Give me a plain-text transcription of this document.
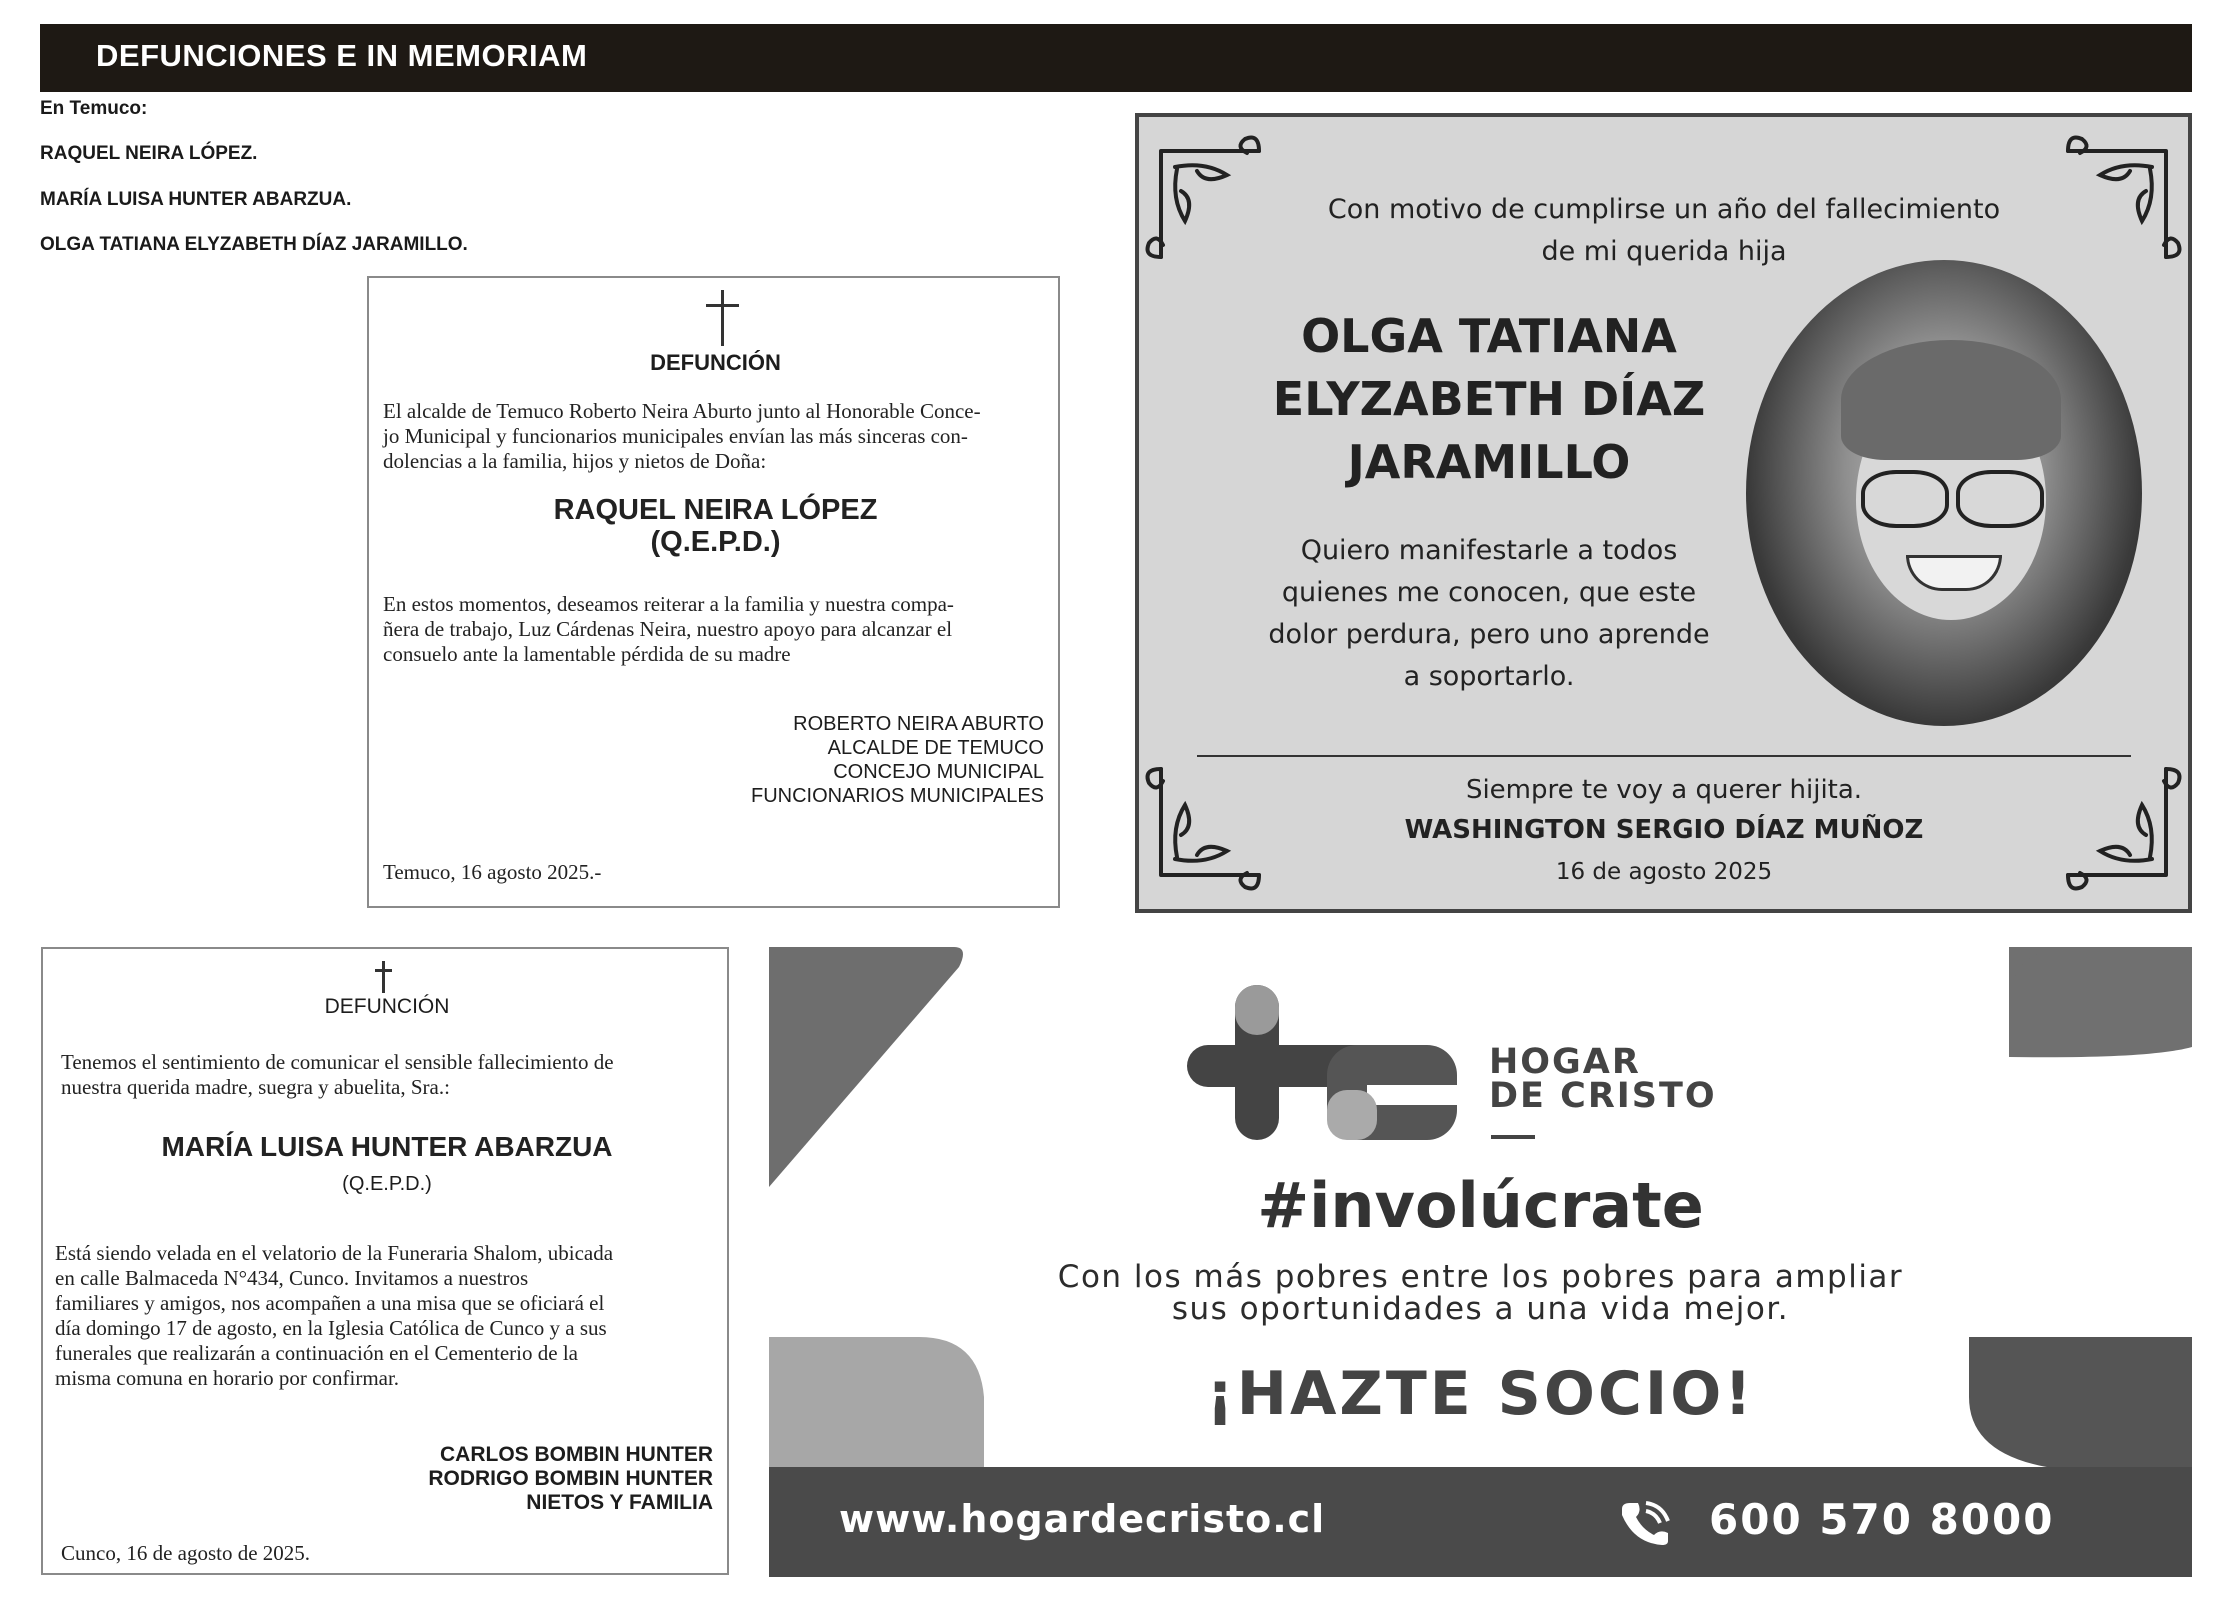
DEFUNCIONES E IN MEMORIAM
En Temuco:
RAQUEL NEIRA LÓPEZ.
MARÍA LUISA HUNTER ABARZUA.
OLGA TATIANA ELYZABETH DÍAZ JARAMILLO.
DEFUNCIÓN
El alcalde de Temuco Roberto Neira Aburto junto al Honorable Conce-
jo Municipal y funcionarios municipales envían las más sinceras con-
dolencias a la familia, hijos y nietos de Doña:
RAQUEL NEIRA LÓPEZ
(Q.E.P.D.)
En estos momentos, deseamos reiterar a la familia y nuestra compa-
ñera de trabajo, Luz Cárdenas Neira, nuestro apoyo para alcanzar el
consuelo ante la lamentable pérdida de su madre
ROBERTO NEIRA ABURTO
ALCALDE DE TEMUCO
CONCEJO MUNICIPAL
FUNCIONARIOS MUNICIPALES
Temuco, 16 agosto 2025.-
Con motivo de cumplirse un año del fallecimiento
de mi querida hija
OLGA TATIANA
ELYZABETH DÍAZ
JARAMILLO
Quiero manifestarle a todos
quienes me conocen, que este
dolor perdura, pero uno aprende
a soportarlo.
Siempre te voy a querer hijita.
WASHINGTON SERGIO DÍAZ MUÑOZ
16 de agosto 2025
DEFUNCIÓN
Tenemos el sentimiento de comunicar el sensible fallecimiento de
nuestra querida madre, suegra y abuelita, Sra.:
MARÍA LUISA HUNTER ABARZUA
(Q.E.P.D.)
Está siendo velada en el velatorio de la Funeraria Shalom, ubicada
en calle Balmaceda N°434, Cunco. Invitamos a nuestros
familiares y amigos, nos acompañen a una misa que se oficiará el
día domingo 17 de agosto, en la Iglesia Católica de Cunco y a sus
funerales que realizarán a continuación en el Cementerio de la
misma comuna en horario por confirmar.
CARLOS BOMBIN HUNTER
RODRIGO BOMBIN HUNTER
NIETOS Y FAMILIA
Cunco, 16 de agosto de 2025.
HOGAR
DE CRISTO
#involúcrate
Con los más pobres entre los pobres para ampliar
sus oportunidades a una vida mejor.
¡HAZTE SOCIO!
www.hogardecristo.cl	600 570 8000
